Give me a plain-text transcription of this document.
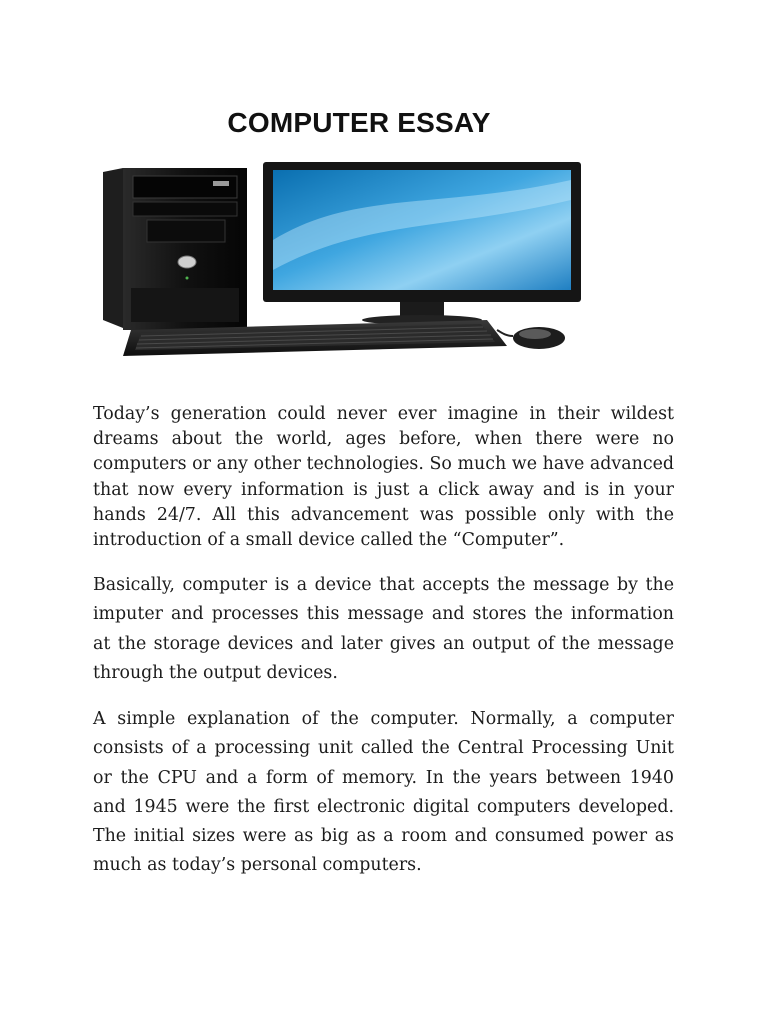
COMPUTER ESSAY

Today’s generation could never ever imagine in their wildest dreams about the world, ages before, when there were no computers or any other technologies. So much we have advanced that now every information is just a click away and is in your hands 24/7. All this advancement was possible only with the introduction of a small device called the “Computer”.

Basically, computer is a device that accepts the message by the imputer and processes this message and stores the information at the storage devices and later gives an output of the message through the output devices.

A simple explanation of the computer. Normally, a computer consists of a processing unit called the Central Processing Unit or the CPU and a form of memory. In the years between 1940 and 1945 were the first electronic digital computers developed. The initial sizes were as big as a room and consumed power as much as today’s personal computers.
